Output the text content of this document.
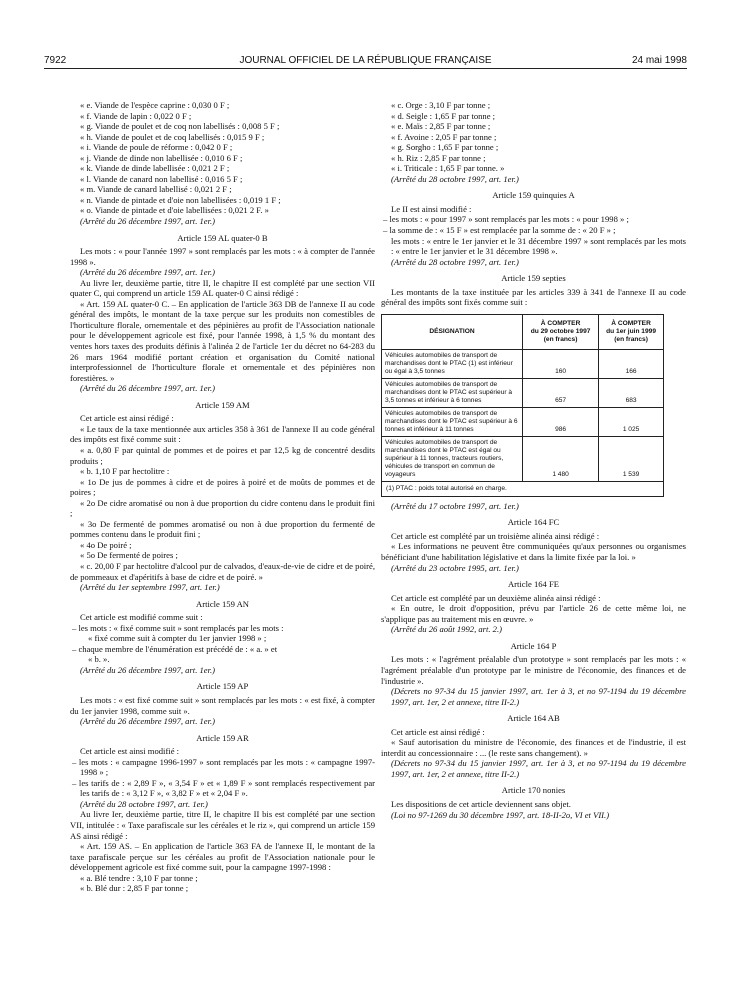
7922	JOURNAL OFFICIEL DE LA RÉPUBLIQUE FRANÇAISE	24 mai 1998

« e. Viande de l'espèce caprine : 0,030 0 F ;

« f. Viande de lapin : 0,022 0 F ;

« g. Viande de poulet et de coq non labellisés : 0,008 5 F ;

« h. Viande de poulet et de coq labellisés : 0,015 9 F ;

« i. Viande de poule de réforme : 0,042 0 F ;

« j. Viande de dinde non labellisée : 0,010 6 F ;

« k. Viande de dinde labellisée : 0,021 2 F ;

« l. Viande de canard non labellisé : 0,016 5 F ;

« m. Viande de canard labellisé : 0,021 2 F ;

« n. Viande de pintade et d'oie non labellisées : 0,019 1 F ;

« o. Viande de pintade et d'oie labellisées : 0,021 2 F. »

(Arrêté du 26 décembre 1997, art. 1er.)

Article 159 AL quater-0 B

Les mots : « pour l'année 1997 » sont remplacés par les mots : « à compter de l'année 1998 ».

(Arrêté du 26 décembre 1997, art. 1er.)

Au livre Ier, deuxième partie, titre II, le chapitre II est complété par une section VII quater C, qui comprend un article 159 AL quater-0 C ainsi rédigé :

« Art. 159 AL quater-0 C. – En application de l'article 363 DB de l'annexe II au code général des impôts, le montant de la taxe perçue sur les produits non comestibles de l'horticulture florale, ornementale et des pépinières au profit de l'Association nationale pour le développement agricole est fixé, pour l'année 1998, à 1,5 % du montant des ventes hors taxes des produits définis à l'alinéa 2 de l'article 1er du décret no 64-283 du 26 mars 1964 modifié portant création et organisation du Comité national interprofessionnel de l'horticulture florale et ornementale et des pépinières non forestières. »

(Arrêté du 26 décembre 1997, art. 1er.)

Article 159 AM

Cet article est ainsi rédigé :

« Le taux de la taxe mentionnée aux articles 358 à 361 de l'annexe II au code général des impôts est fixé comme suit :

« a. 0,80 F par quintal de pommes et de poires et par 12,5 kg de concentré desdits produits ;

« b. 1,10 F par hectolitre :

« 1o De jus de pommes à cidre et de poires à poiré et de moûts de pommes et de poires ;

« 2o De cidre aromatisé ou non à due proportion du cidre contenu dans le produit fini ;

« 3o De fermenté de pommes aromatisé ou non à due proportion du fermenté de pommes contenu dans le produit fini ;

« 4o De poiré ;

« 5o De fermenté de poires ;

« c. 20,00 F par hectolitre d'alcool pur de calvados, d'eaux-de-vie de cidre et de poiré, de pommeaux et d'apéritifs à base de cidre et de poiré. »

(Arrêté du 1er septembre 1997, art. 1er.)

Article 159 AN

Cet article est modifié comme suit :

– les mots : « fixé comme suit » sont remplacés par les mots :

« fixé comme suit à compter du 1er janvier 1998 » ;

– chaque membre de l'énumération est précédé de : « a. » et

« b. ».

(Arrêté du 26 décembre 1997, art. 1er.)

Article 159 AP

Les mots : « est fixé comme suit » sont remplacés par les mots : « est fixé, à compter du 1er janvier 1998, comme suit ».

(Arrêté du 26 décembre 1997, art. 1er.)

Article 159 AR

Cet article est ainsi modifié :

– les mots : « campagne 1996-1997 » sont remplacés par les mots : « campagne 1997-1998 » ;

– les tarifs de : « 2,89 F », « 3,54 F » et « 1,89 F » sont remplacés respectivement par les tarifs de : « 3,12 F », « 3,82 F » et « 2,04 F ».

(Arrêté du 28 octobre 1997, art. 1er.)

Au livre Ier, deuxième partie, titre II, le chapitre II bis est complété par une section VII, intitulée : « Taxe parafiscale sur les céréales et le riz », qui comprend un article 159 AS ainsi rédigé :

« Art. 159 AS. – En application de l'article 363 FA de l'annexe II, le montant de la taxe parafiscale perçue sur les céréales au profit de l'Association nationale pour le développement agricole est fixé comme suit, pour la campagne 1997-1998 :

« a. Blé tendre : 3,10 F par tonne ;

« b. Blé dur : 2,85 F par tonne ;

« c. Orge : 3,10 F par tonne ;

« d. Seigle : 1,65 F par tonne ;

« e. Maïs : 2,85 F par tonne ;

« f. Avoine : 2,05 F par tonne ;

« g. Sorgho : 1,65 F par tonne ;

« h. Riz : 2,85 F par tonne ;

« i. Triticale : 1,65 F par tonne. »

(Arrêté du 28 octobre 1997, art. 1er.)

Article 159 quinquies A

Le II est ainsi modifié :

– les mots : « pour 1997 » sont remplacés par les mots : « pour 1998 » ;

– la somme de : « 15 F » est remplacée par la somme de : « 20 F » ;

les mots : « entre le 1er janvier et le 31 décembre 1997 » sont remplacés par les mots : « entre le 1er janvier et le 31 décembre 1998 ».

(Arrêté du 28 octobre 1997, art. 1er.)

Article 159 septies

Les montants de la taxe instituée par les articles 339 à 341 de l'annexe II au code général des impôts sont fixés comme suit :

DÉSIGNATION	À COMPTER
du 29 octobre 1997
(en francs)	À COMPTER
du 1er juin 1999
(en francs)
Véhicules automobiles de transport de marchandises dont le PTAC (1) est inférieur ou égal à 3,5 tonnes	160	166
Véhicules automobiles de transport de marchandises dont le PTAC est supérieur à 3,5 tonnes et inférieur à 6 tonnes	657	683
Véhicules automobiles de transport de marchandises dont le PTAC est supérieur à 6 tonnes et inférieur à 11 tonnes	986	1 025
Véhicules automobiles de transport de marchandises dont le PTAC est égal ou supérieur à 11 tonnes, tracteurs routiers, véhicules de transport en commun de voyageurs	1 480	1 539
(1) PTAC : poids total autorisé en charge.		

(Arrêté du 17 octobre 1997, art. 1er.)

Article 164 FC

Cet article est complété par un troisième alinéa ainsi rédigé :

« Les informations ne peuvent être communiquées qu'aux personnes ou organismes bénéficiant d'une habilitation législative et dans la limite fixée par la loi. »

(Arrêté du 23 octobre 1995, art. 1er.)

Article 164 FE

Cet article est complété par un deuxième alinéa ainsi rédigé :

« En outre, le droit d'opposition, prévu par l'article 26 de cette même loi, ne s'applique pas au traitement mis en œuvre. »

(Arrêté du 26 août 1992, art. 2.)

Article 164 P

Les mots : « l'agrément préalable d'un prototype » sont remplacés par les mots : « l'agrément préalable d'un prototype par le ministre de l'économie, des finances et de l'industrie ».

(Décrets no 97-34 du 15 janvier 1997, art. 1er à 3, et no 97-1194 du 19 décembre 1997, art. 1er, 2 et annexe, titre II-2.)

Article 164 AB

Cet article est ainsi rédigé :

« Sauf autorisation du ministre de l'économie, des finances et de l'industrie, il est interdit au concessionnaire : ... (le reste sans changement). »

(Décrets no 97-34 du 15 janvier 1997, art. 1er à 3, et no 97-1194 du 19 décembre 1997, art. 1er, 2 et annexe, titre II-2.)

Article 170 nonies

Les dispositions de cet article deviennent sans objet.

(Loi no 97-1269 du 30 décembre 1997, art. 18-II-2o, VI et VII.)
